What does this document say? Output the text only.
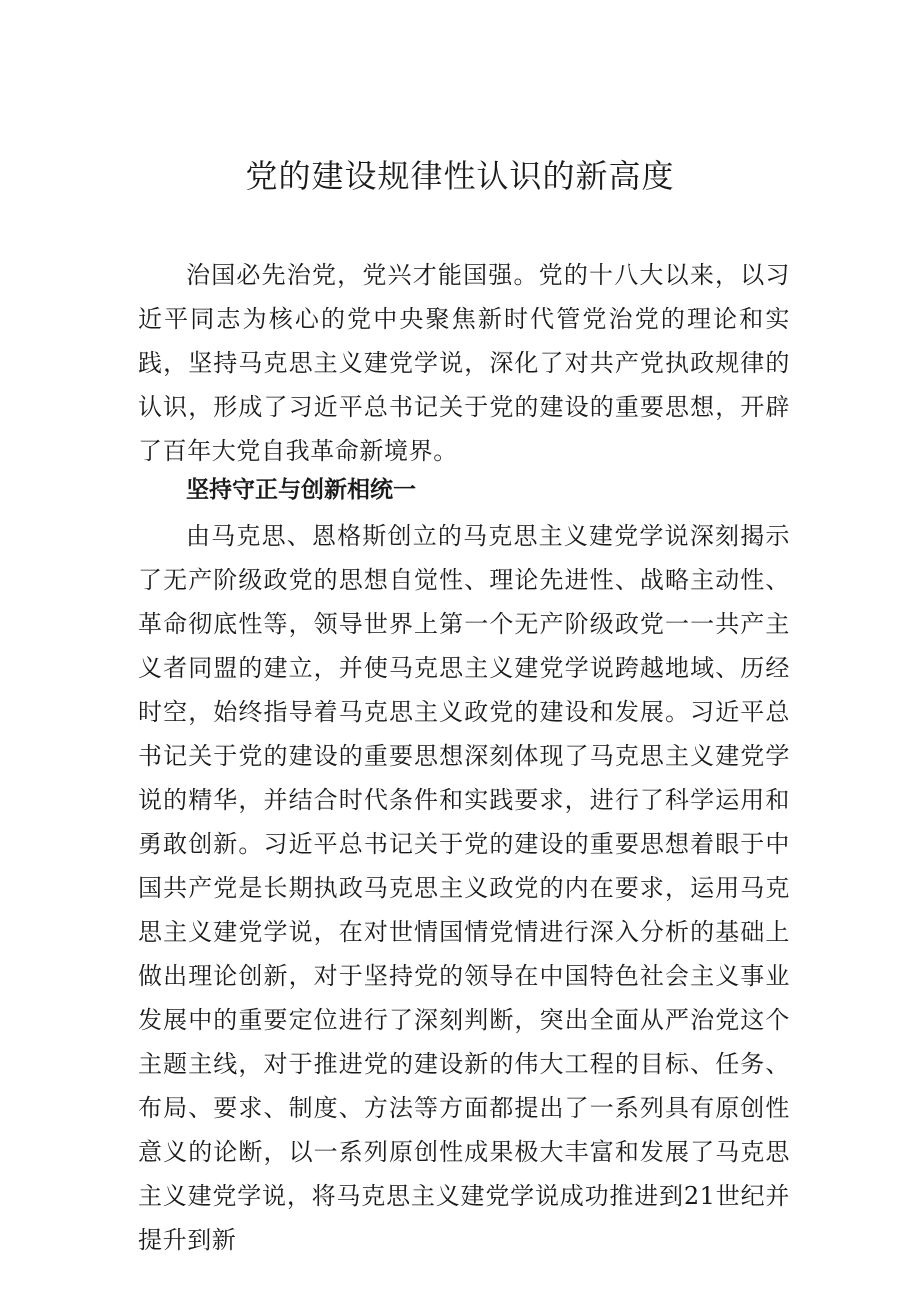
党的建设规律性认识的新高度

治国必先治党，党兴才能国强。党的十八大以来，以习近平同志为核心的党中央聚焦新时代管党治党的理论和实践，坚持马克思主义建党学说，深化了对共产党执政规律的认识，形成了习近平总书记关于党的建设的重要思想，开辟了百年大党自我革命新境界。

坚持守正与创新相统一

由马克思、恩格斯创立的马克思主义建党学说深刻揭示了无产阶级政党的思想自觉性、理论先进性、战略主动性、革命彻底性等，领导世界上第一个无产阶级政党一一共产主义者同盟的建立，并使马克思主义建党学说跨越地域、历经时空，始终指导着马克思主义政党的建设和发展。习近平总书记关于党的建设的重要思想深刻体现了马克思主义建党学说的精华，并结合时代条件和实践要求，进行了科学运用和勇敢创新。习近平总书记关于党的建设的重要思想着眼于中国共产党是长期执政马克思主义政党的内在要求，运用马克思主义建党学说，在对世情国情党情进行深入分析的基础上做出理论创新，对于坚持党的领导在中国特色社会主义事业发展中的重要定位进行了深刻判断，突出全面从严治党这个主题主线，对于推进党的建设新的伟大工程的目标、任务、布局、要求、制度、方法等方面都提出了一系列具有原创性意义的论断，以一系列原创性成果极大丰富和发展了马克思主义建党学说，将马克思主义建党学说成功推进到21世纪并提升到新
